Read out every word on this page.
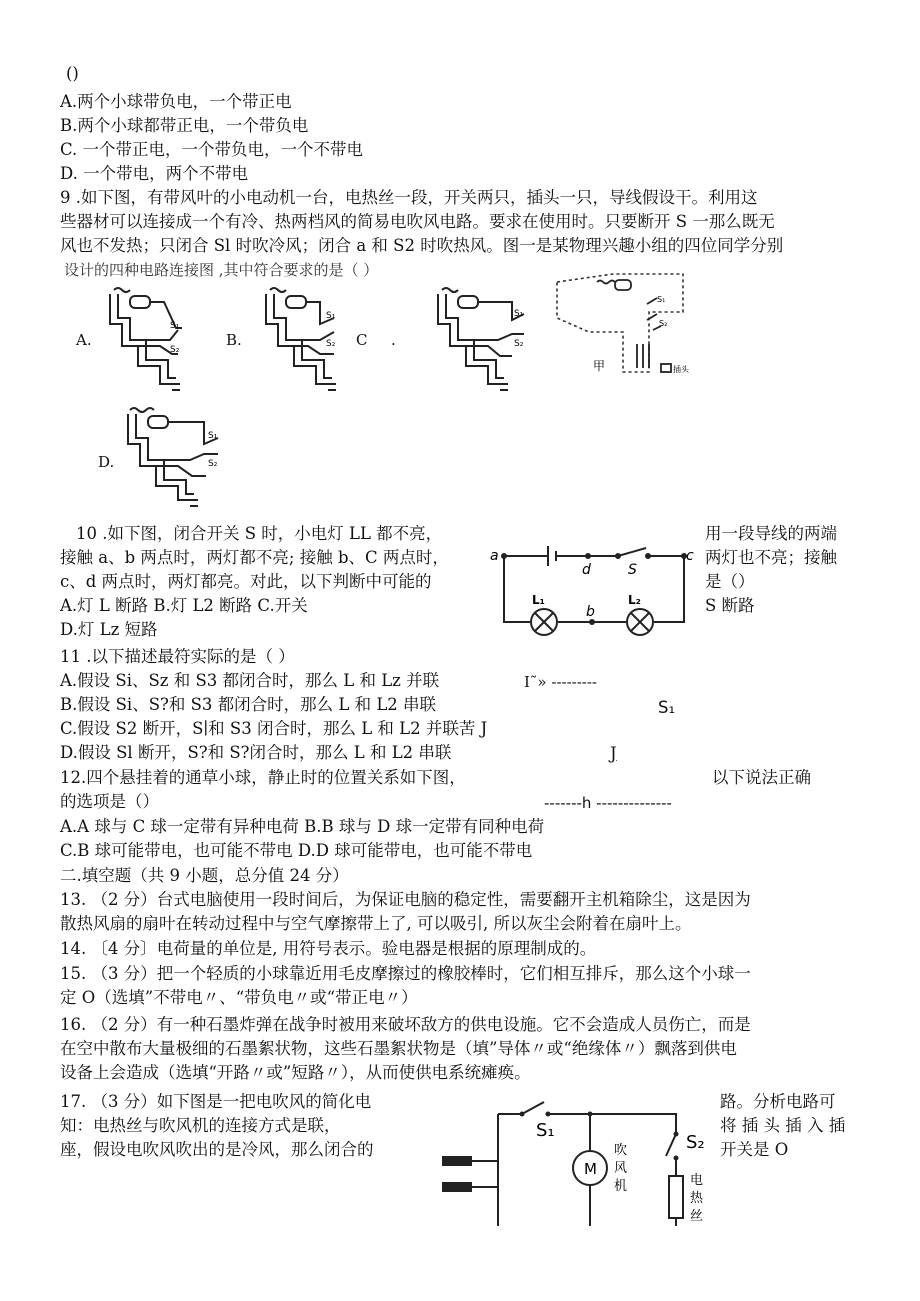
()
A.两个小球带负电，一个带正电
B.两个小球都带正电，一个带负电
C. 一个带正电，一个带负电，一个不带电
D. 一个带电，两个不带电
9 .如下图，有带风叶的小电动机一台，电热丝一段，开关两只，插头一只，导线假设干。利用这
些器材可以连接成一个有冷、热两档风的简易电吹风电路。要求在使用时。只要断开 S 一那么既无
风也不发热；只闭合 Sl 时吹冷风；闭合 a 和 S2 时吹热风。图一是某物理兴趣小组的四位同学分别
设计的四种电路连接图 ,其中符合要求的是（ ）
A.	B.	C .
D.
S₁
S₂
S₁
S₂
S₁
S₂
甲	插头
S₁
S₂
S₁
S₂
10 .如下图，闭合开关 S 时，小电灯 LL 都不亮，
接触 a、b 两点时，两灯都不亮; 接触 b、C 两点时，
c、d 两点时，两灯都亮。对此，以下判断中可能的
A.灯 L 断路 B.灯 L2 断路 C.开关
D.灯 Lz 短路
用一段导线的两端
两灯也不亮；接触
是（）
S 断路
a
d	S
c
b
L₁	L₂
11 .以下描述最符实际的是（ ）
A.假设 Si、Sz 和 S3 都闭合时，那么 L 和 Lz 并联
B.假设 Si、S?和 S3 都闭合时，那么 L 和 L2 串联
C.假设 S2 断开，S∣和 S3 闭合时，那么 L 和 L2 并联苦 J
D.假设 Sl 断开，S?和 S?闭合时，那么 L 和 L2 串联
I˜» ---------
S₁
J
12.四个悬挂着的通草小球，静止时的位置关系如下图，	以下说法正确
的选项是（）	-------h --------------
A.A 球与 C 球一定带有异种电荷 B.B 球与 D 球一定带有同种电荷
C.B 球可能带电，也可能不带电 D.D 球可能带电，也可能不带电
二.填空题（共 9 小题，总分值 24 分）
13. （2 分）台式电脑使用一段时间后，为保证电脑的稳定性，需要翻开主机箱除尘，这是因为
散热风扇的扇叶在转动过程中与空气摩擦带上了, 可以吸引, 所以灰尘会附着在扇叶上。
14. 〔4 分〕电荷量的单位是, 用符号表示。验电器是根据的原理制成的。
15. （3 分）把一个轻质的小球靠近用毛皮摩擦过的橡胶棒时，它们相互排斥，那么这个小球一
定 O（选填”不带电〃、“带负电〃或“带正电〃）
16. （2 分）有一种石墨炸弹在战争时被用来破坏敌方的供电设施。它不会造成人员伤亡，而是
在空中散布大量极细的石墨絮状物，这些石墨絮状物是（填”导体〃或“绝缘体〃）飘落到供电
设备上会造成（选填“开路〃或”短路〃），从而使供电系统瘫痪。
17. （3 分）如下图是一把电吹风的简化电
知：电热丝与吹风机的连接方式是联，
座，假设电吹风吹出的是冷风，那么闭合的
路。分析电路可
将 插 头 插 入 插
开关是 O
S₁
S₂
M
吹
风
机	电
热
丝
